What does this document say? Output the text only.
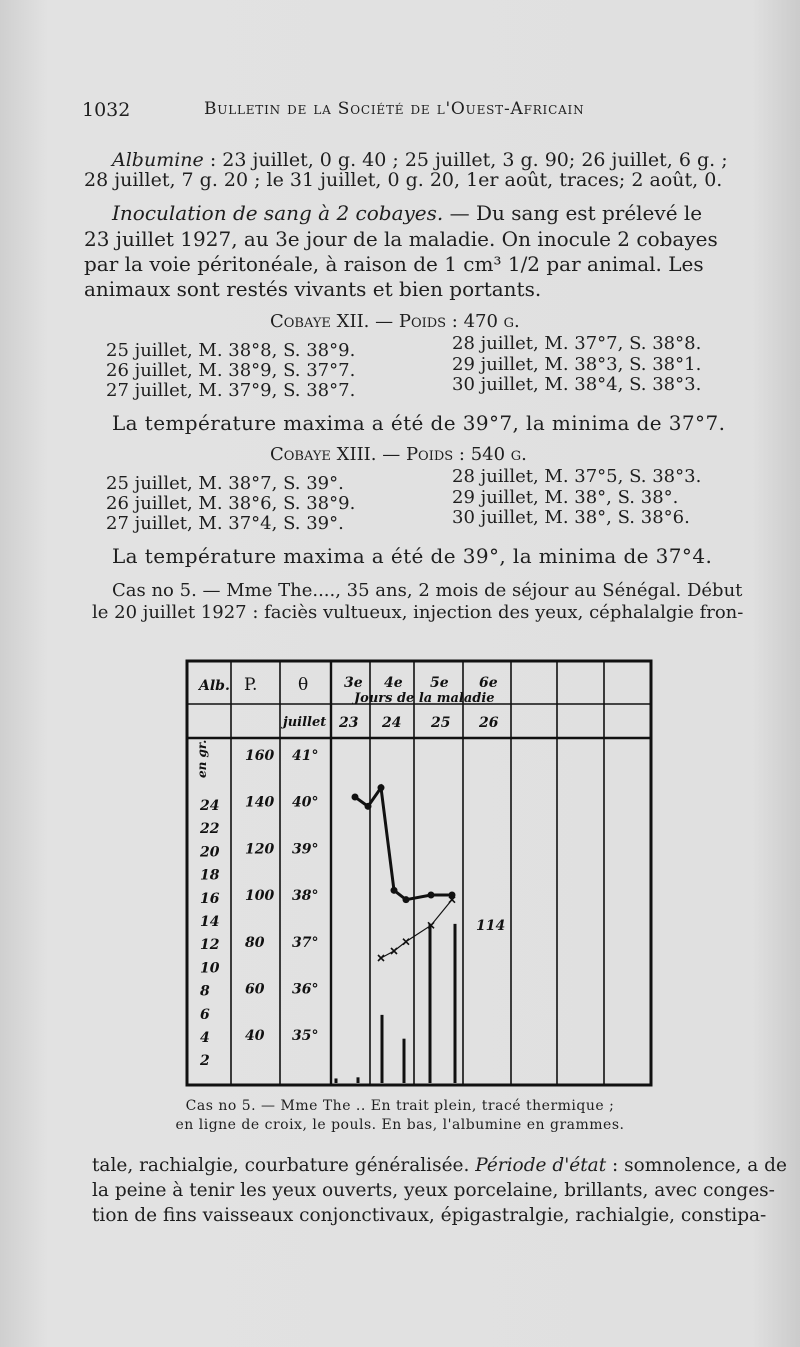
1032	Bulletin de la Société de l'Ouest-Africain
Albumine : 23 juillet, 0 g. 40 ; 25 juillet, 3 g. 90; 26 juillet, 6 g. ;
28 juillet, 7 g. 20 ; le 31 juillet, 0 g. 20, 1er août, traces; 2 août, 0.
Inoculation de sang à 2 cobayes. — Du sang est prélevé le
23 juillet 1927, au 3e jour de la maladie. On inocule 2 cobayes
par la voie péritonéale, à raison de 1 cm³ 1/2 par animal. Les
animaux sont restés vivants et bien portants.
Cobaye XII. — Poids : 470 g.
25 juillet, M. 38°8, S. 38°9.
26 juillet, M. 38°9, S. 37°7.
27 juillet, M. 37°9, S. 38°7.
28 juillet, M. 37°7, S. 38°8.
29 juillet, M. 38°3, S. 38°1.
30 juillet, M. 38°4, S. 38°3.
La température maxima a été de 39°7, la minima de 37°7.
Cobaye XIII. — Poids : 540 g.
25 juillet, M. 38°7, S. 39°.
26 juillet, M. 38°6, S. 38°9.
27 juillet, M. 37°4, S. 39°.
28 juillet, M. 37°5, S. 38°3.
29 juillet, M. 38°, S. 38°.
30 juillet, M. 38°, S. 38°6.
La température maxima a été de 39°, la minima de 37°4.
Cas no 5. — Mme The...., 35 ans, 2 mois de séjour au Sénégal. Début
le 20 juillet 1927 : faciès vultueux, injection des yeux, céphalalgie fron-
Alb. P. θ	3e 4e 5e 6e
Jours de la maladie
juillet 23 24 25 26
en gr.
24
22
20
18
16
14
12
10
8
6
4
2
160
140
120
100
80
60
40
41°
40°
39°
38°
37°
36°
35°
114
Cas no 5. — Mme The .. En trait plein, tracé thermique ;
en ligne de croix, le pouls. En bas, l'albumine en grammes.
tale, rachialgie, courbature généralisée. Période d'état : somnolence, a de
la peine à tenir les yeux ouverts, yeux porcelaine, brillants, avec conges-
tion de fins vaisseaux conjonctivaux, épigastralgie, rachialgie, constipa-
